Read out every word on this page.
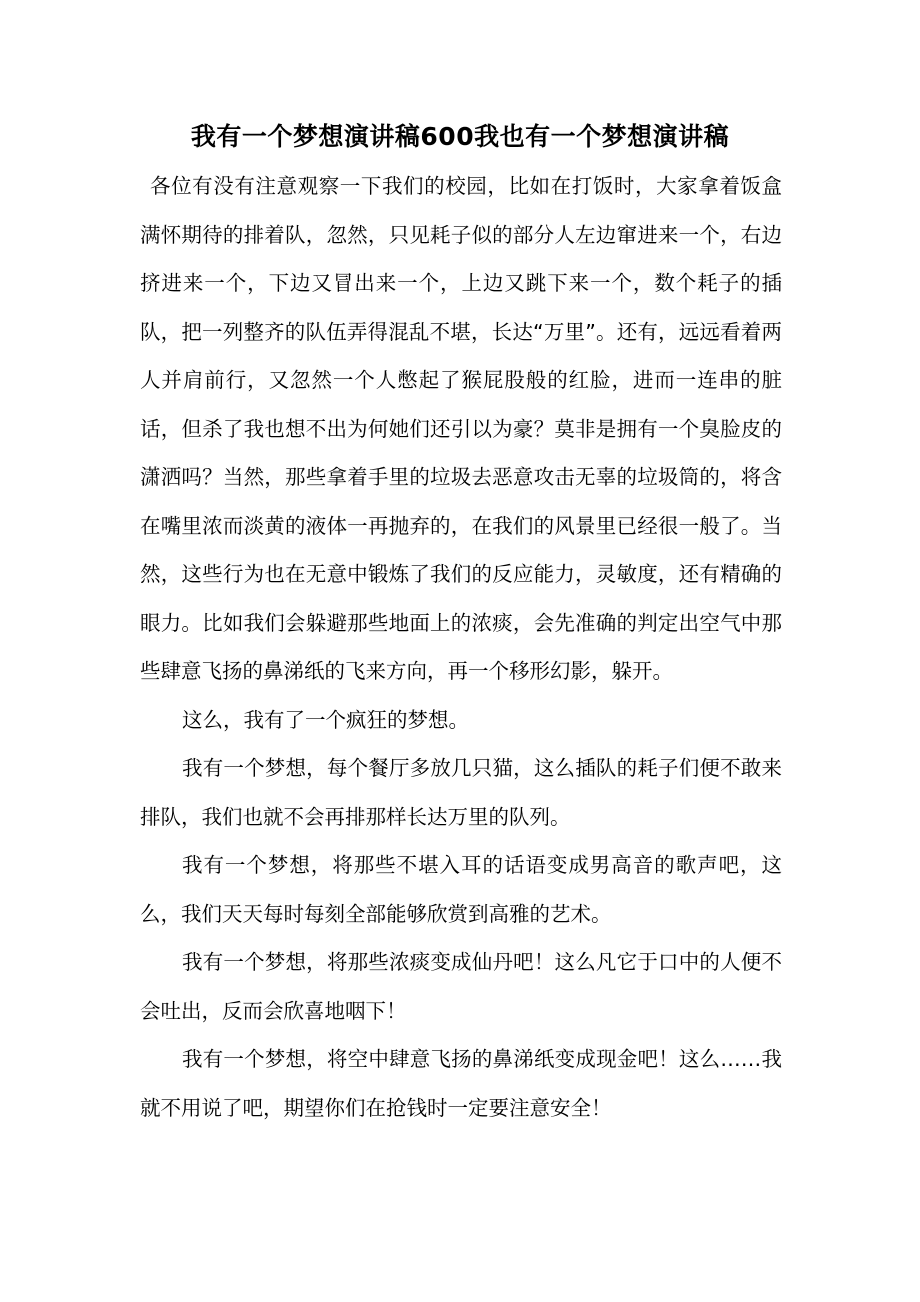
我有一个梦想演讲稿600我也有一个梦想演讲稿

各位有没有注意观察一下我们的校园，比如在打饭时，大家拿着饭盒满怀期待的排着队，忽然，只见耗子似的部分人左边窜进来一个，右边挤进来一个，下边又冒出来一个，上边又跳下来一个，数个耗子的插队，把一列整齐的队伍弄得混乱不堪，长达“万里”。还有，远远看着两人并肩前行，又忽然一个人憋起了猴屁股般的红脸，进而一连串的脏话，但杀了我也想不出为何她们还引以为豪？莫非是拥有一个臭脸皮的潇洒吗？当然，那些拿着手里的垃圾去恶意攻击无辜的垃圾筒的，将含在嘴里浓而淡黄的液体一再抛弃的，在我们的风景里已经很一般了。当然，这些行为也在无意中锻炼了我们的反应能力，灵敏度，还有精确的眼力。比如我们会躲避那些地面上的浓痰，会先准确的判定出空气中那些肆意飞扬的鼻涕纸的飞来方向，再一个移形幻影，躲开。

这么，我有了一个疯狂的梦想。

我有一个梦想，每个餐厅多放几只猫，这么插队的耗子们便不敢来排队，我们也就不会再排那样长达万里的队列。

我有一个梦想，将那些不堪入耳的话语变成男高音的歌声吧，这么，我们天天每时每刻全部能够欣赏到高雅的艺术。

我有一个梦想，将那些浓痰变成仙丹吧！这么凡它于口中的人便不会吐出，反而会欣喜地咽下！

我有一个梦想，将空中肆意飞扬的鼻涕纸变成现金吧！这么……我就不用说了吧，期望你们在抢钱时一定要注意安全！
